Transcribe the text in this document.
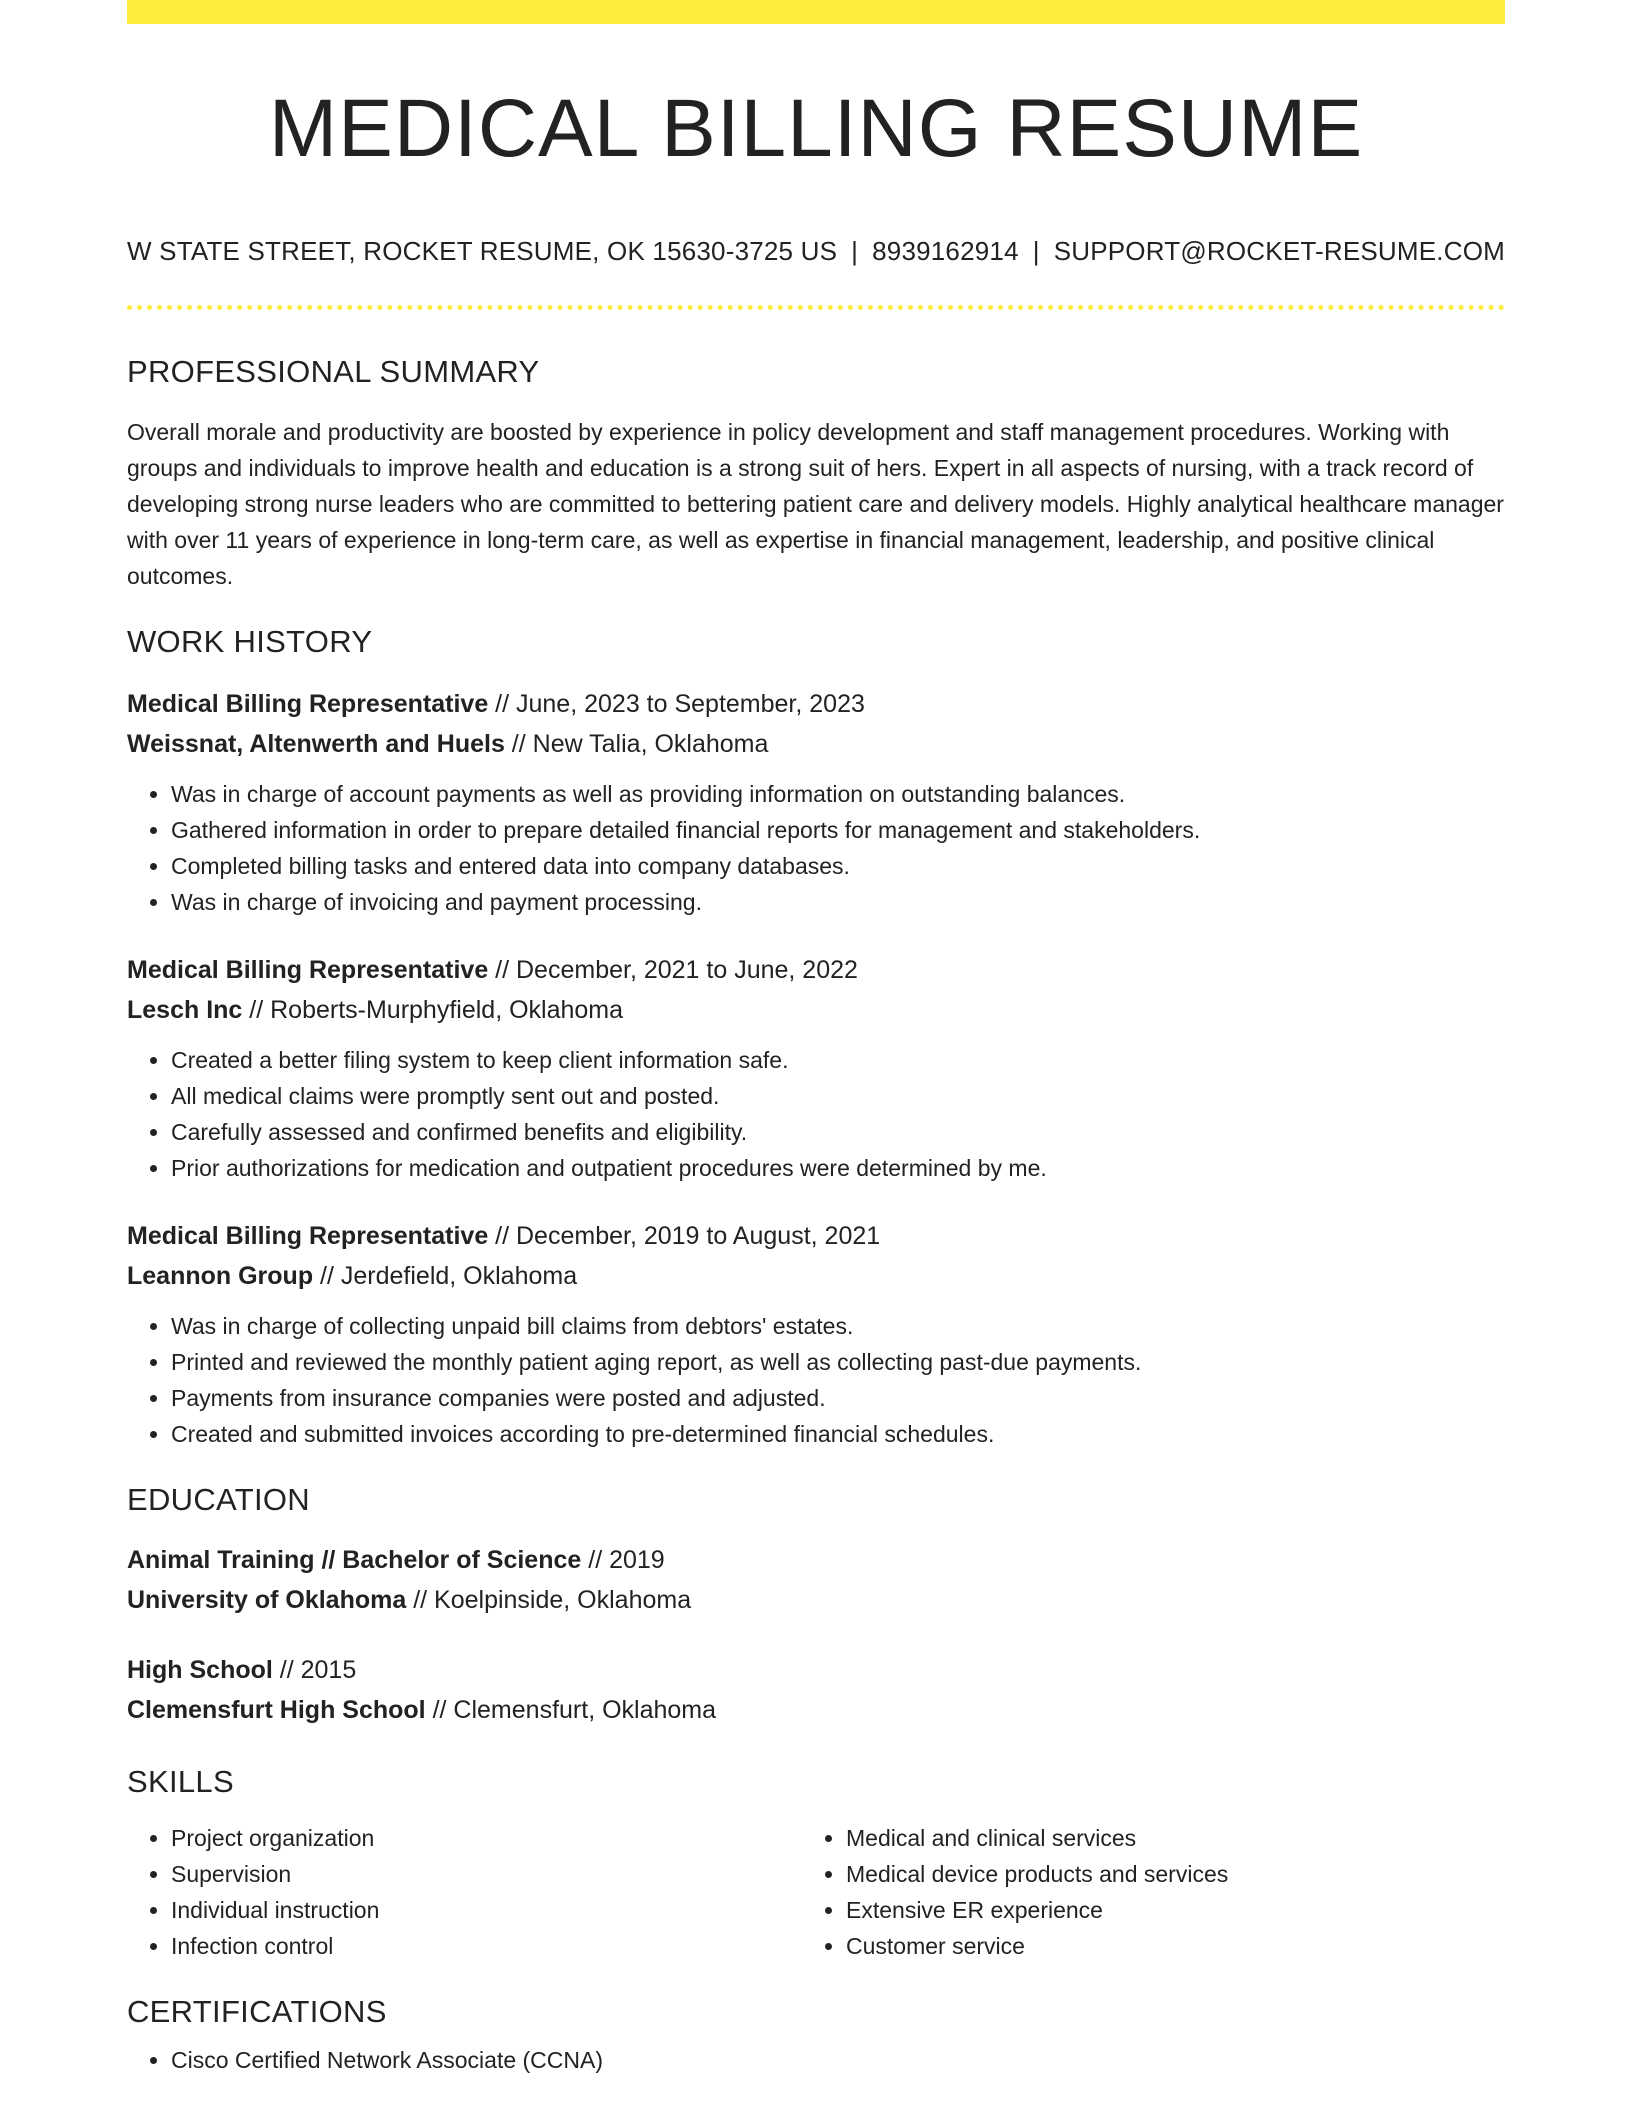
MEDICAL BILLING RESUME
W STATE STREET, ROCKET RESUME, OK 15630-3725 US | 8939162914 | SUPPORT@ROCKET-RESUME.COM
PROFESSIONAL SUMMARY

Overall morale and productivity are boosted by experience in policy development and staff management procedures. Working with groups and individuals to improve health and education is a strong suit of hers. Expert in all aspects of nursing, with a track record of developing strong nurse leaders who are committed to bettering patient care and delivery models. Highly analytical healthcare manager with over 11 years of experience in long-term care, as well as expertise in financial management, leadership, and positive clinical outcomes.

WORK HISTORY
Medical Billing Representative // June, 2023 to September, 2023
Weissnat, Altenwerth and Huels // New Talia, Oklahoma
• Was in charge of account payments as well as providing information on outstanding balances.
• Gathered information in order to prepare detailed financial reports for management and stakeholders.
• Completed billing tasks and entered data into company databases.
• Was in charge of invoicing and payment processing.
Medical Billing Representative // December, 2021 to June, 2022
Lesch Inc // Roberts-Murphyfield, Oklahoma
• Created a better filing system to keep client information safe.
• All medical claims were promptly sent out and posted.
• Carefully assessed and confirmed benefits and eligibility.
• Prior authorizations for medication and outpatient procedures were determined by me.
Medical Billing Representative // December, 2019 to August, 2021
Leannon Group // Jerdefield, Oklahoma
• Was in charge of collecting unpaid bill claims from debtors' estates.
• Printed and reviewed the monthly patient aging report, as well as collecting past-due payments.
• Payments from insurance companies were posted and adjusted.
• Created and submitted invoices according to pre-determined financial schedules.
EDUCATION
Animal Training // Bachelor of Science // 2019
University of Oklahoma // Koelpinside, Oklahoma
High School // 2015
Clemensfurt High School // Clemensfurt, Oklahoma
SKILLS
• Project organization
• Supervision
• Individual instruction
• Infection control
• Medical and clinical services
• Medical device products and services
• Extensive ER experience
• Customer service
CERTIFICATIONS
• Cisco Certified Network Associate (CCNA)
